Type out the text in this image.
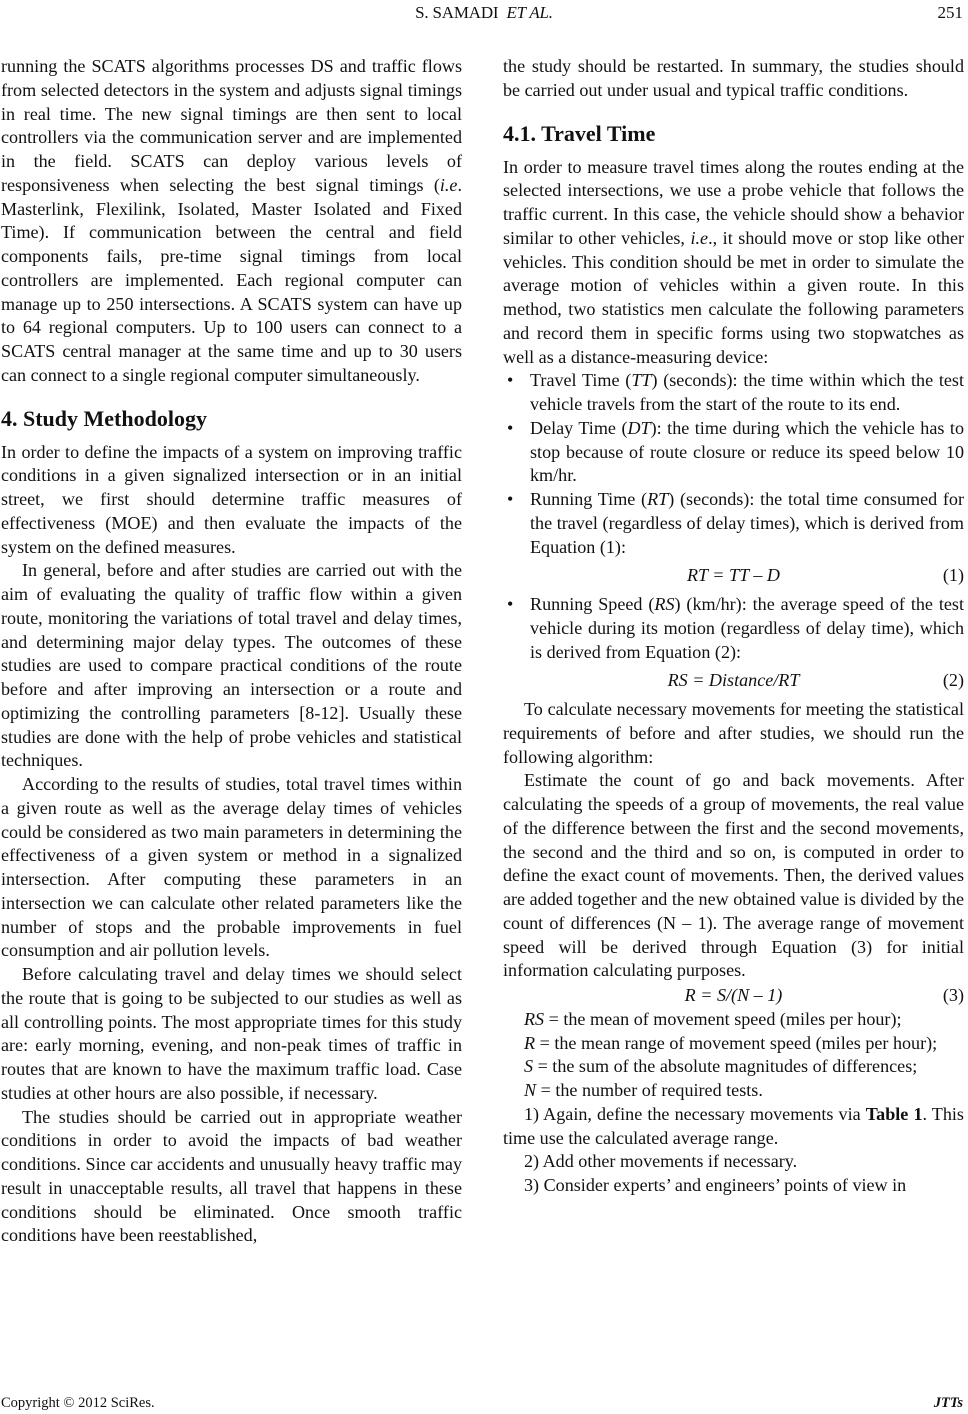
S. SAMADI ET AL.	251

running the SCATS algorithms processes DS and traffic flows from selected detectors in the system and adjusts signal timings in real time. The new signal timings are then sent to local controllers via the communication server and are implemented in the field. SCATS can deploy various levels of responsiveness when selecting the best signal timings (i.e. Masterlink, Flexilink, Isolated, Master Isolated and Fixed Time). If communication between the central and field components fails, pre-time signal timings from local controllers are implemented. Each regional computer can manage up to 250 intersections. A SCATS system can have up to 64 regional computers. Up to 100 users can connect to a SCATS central manager at the same time and up to 30 users can connect to a single regional computer simultaneously.

4. Study Methodology

In order to define the impacts of a system on improving traffic conditions in a given signalized intersection or in an initial street, we first should determine traffic measures of effectiveness (MOE) and then evaluate the impacts of the system on the defined measures.

In general, before and after studies are carried out with the aim of evaluating the quality of traffic flow within a given route, monitoring the variations of total travel and delay times, and determining major delay types. The outcomes of these studies are used to compare practical conditions of the route before and after improving an intersection or a route and optimizing the controlling parameters [8-12]. Usually these studies are done with the help of probe vehicles and statistical techniques.

According to the results of studies, total travel times within a given route as well as the average delay times of vehicles could be considered as two main parameters in determining the effectiveness of a given system or method in a signalized intersection. After computing these parameters in an intersection we can calculate other related parameters like the number of stops and the probable improvements in fuel consumption and air pollution levels.

Before calculating travel and delay times we should select the route that is going to be subjected to our studies as well as all controlling points. The most appropriate times for this study are: early morning, evening, and non-peak times of traffic in routes that are known to have the maximum traffic load. Case studies at other hours are also possible, if necessary.

The studies should be carried out in appropriate weather conditions in order to avoid the impacts of bad weather conditions. Since car accidents and unusually heavy traffic may result in unacceptable results, all travel that happens in these conditions should be eliminated. Once smooth traffic conditions have been reestablished,

the study should be restarted. In summary, the studies should be carried out under usual and typical traffic conditions.

4.1. Travel Time

In order to measure travel times along the routes ending at the selected intersections, we use a probe vehicle that follows the traffic current. In this case, the vehicle should show a behavior similar to other vehicles, i.e., it should move or stop like other vehicles. This condition should be met in order to simulate the average motion of vehicles within a given route. In this method, two statistics men calculate the following parameters and record them in specific forms using two stopwatches as well as a distance-measuring device:

• Travel Time (TT) (seconds): the time within which the test vehicle travels from the start of the route to its end.
• Delay Time (DT): the time during which the vehicle has to stop because of route closure or reduce its speed below 10 km/hr.
• Running Time (RT) (seconds): the total time consumed for the travel (regardless of delay times), which is derived from Equation (1):
RT = TT – D	(1)
• Running Speed (RS) (km/hr): the average speed of the test vehicle during its motion (regardless of delay time), which is derived from Equation (2):
RS = Distance/RT	(2)

To calculate necessary movements for meeting the statistical requirements of before and after studies, we should run the following algorithm:

Estimate the count of go and back movements. After calculating the speeds of a group of movements, the real value of the difference between the first and the second movements, the second and the third and so on, is computed in order to define the exact count of movements. Then, the derived values are added together and the new obtained value is divided by the count of differences (N – 1). The average range of movement speed will be derived through Equation (3) for initial information calculating purposes.

R = S/(N – 1)	(3)

RS = the mean of movement speed (miles per hour);

R = the mean range of movement speed (miles per hour);

S = the sum of the absolute magnitudes of differences;

N = the number of required tests.

1) Again, define the necessary movements via Table 1. This time use the calculated average range.

2) Add other movements if necessary.

3) Consider experts’ and engineers’ points of view in

Copyright © 2012 SciRes.	JTTs
